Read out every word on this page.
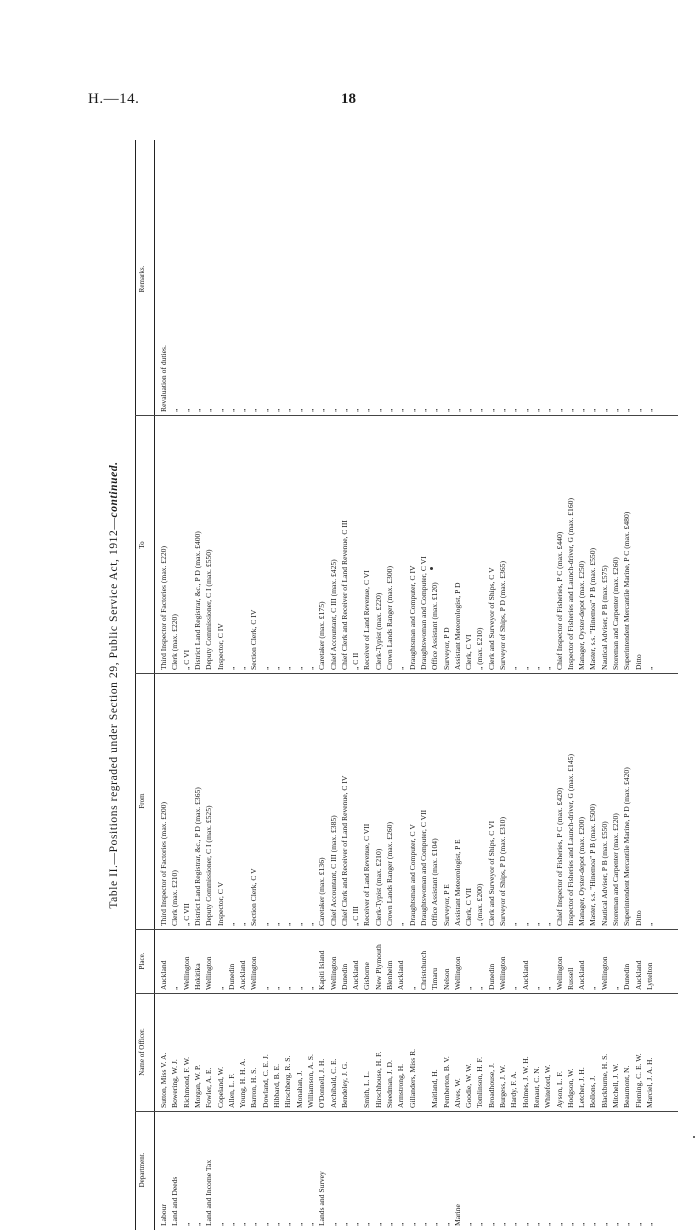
H.—14.	18
Table II.—Positions regraded under Section 29, Public Service Act, 1912—continued.
Department.
Name of Officer.
Place.
From
To
Remarks.
Labour
Sutton, Miss V. A.
Auckland
Third Inspector of Factories (max. £200)
Third Inspector of Factories (max. £220)
Revaluation of duties.
Land and Deeds
Bowering, W. J.
„
Clerk (max. £210)
Clerk (max. £220)
„
„
Richmond, F. W.
Wellington
„ C VII
„ C VI
„
„
Morgan, W. P.
Hokitika
District Land Registrar, &c., P D (max. £365)
District Land Registrar, &c., P D (max. £400)
„
Land and Income Tax
Fowler, A. E.
Wellington
Deputy Commissioner, C I (max. £525)
Deputy Commissioner, C I (max. £550)
„
„
Copeland, W.
„
Inspector, C V
Inspector, C IV
„
„
Allen, L. F.
Dunedin
„
„
„
„
Young, H. H. A.
Auckland
„
„
„
„
Barron, H. S.
Wellington
Section Clerk, C V
Section Clerk, C IV
„
„
Dowland, C. E. J.
„
„
„
„
„
Hibbard, B. E.
„
„
„
„
„
Hirschberg, R. S.
„
„
„
„
„
Monahan, J.
„
„
„
„
„
Williamson, A. S.
„
„
„
„
Lands and Survey
O'Donnell, J. H.
Kapiti Island
Caretaker (max. £136)
Caretaker (max. £175)
„
„
Archibald, C. E.
Wellington
Chief Accountant, C III (max. £385)
Chief Accountant, C III (max. £425)
„
„
Bendeley, J. G.
Dunedin
Chief Clerk and Receiver of Land Revenue, C IV
Chief Clerk and Receiver of Land Revenue, C III
„
„
Auckland
„ C III
„ C II
„
„
Smith, L. L.
Gisborne
Receiver of Land Revenue, C VII
Receiver of Land Revenue, C VI
„
„
Hirschhouse, H. F.
New Plymouth
Clerk-Typist (max. £210)
Clerk-Typist (max. £220)
„
„
Steedman, J. D.
Blenheim
Crown Lands Ranger (max. £260)
Crown Lands Ranger (max. £300)
„
„
Armstrong, H.
Auckland
„
„
„
„
Gillanders, Miss R.
„
Draughtsman and Computer, C V
Draughtsman and Computer, C IV
„
„
Christchurch
Draughtswoman and Computer, C VII
Draughtswoman and Computer, C VI
„
„
Maitland, H.
Timaru
Office Assistant (max. £104)
Office Assistant (max. £120)
„
„
Pemberton, B. V.
Nelson
Surveyor, P E
Surveyor, P D
„
Marine
Alves, W.
Wellington
Assistant Meteorologist, P E
Assistant Meteorologist, P D
„
„
Goodie, W. W.
„
Clerk, C VII
Clerk, C VI
„
„
Tomlinson, H. F.
„
„ (max. £200)
„ (max. £210)
„
„
Broadhouse, J.
Dunedin
Clerk and Surveyor of Ships, C VI
Clerk and Surveyor of Ships, C V
„
„
Burgess, J. W.
Wellington
Surveyor of Ships, P D (max. £310)
Surveyor of Ships, P D (max. £365)
„
„
Hardy, F. A.
„
„
„
„
„
Holmes, J. W. H.
Auckland
„
„
„
„
Renaut, C. N.
„
„
„
„
„
Whiteford, W.
„
„
„
„
„
Ayson, L. F.
Wellington
Chief Inspector of Fisheries, P C (max. £420)
Chief Inspector of Fisheries, P C (max. £440)
„
„
Hodgson, W.
Russell
Inspector of Fisheries and Launch-driver, G (max. £145)
Inspector of Fisheries and Launch-driver, G (max. £160)
„
„
Letcher, J. H.
Auckland
Manager, Oyster-depot (max. £200)
Manager, Oyster-depot (max. £250)
„
„
Bollons, J.
„
Master, s.s. "Hinemoa" P B (max. £500)
Master, s.s. "Hinemoa" P B (max. £550)
„
„
Blackburne, H. S.
Wellington
Nautical Adviser, P B (max. £550)
Nautical Adviser, P B (max. £575)
„
„
Mitchell, J. W.
„
Storeman and Carpenter (max. £220)
Storeman and Carpenter (max. £260)
„
„
Beaumont, N.
Dunedin
Superintendent Mercantile Marine, P D (max. £420)
Superintendent Mercantile Marine, P C (max. £480)
„
„
Fleming, C. E. W.
Auckland
Ditto
Ditto
„
„
Marciel, J. A. H.
Lyttelton
„
„
„
